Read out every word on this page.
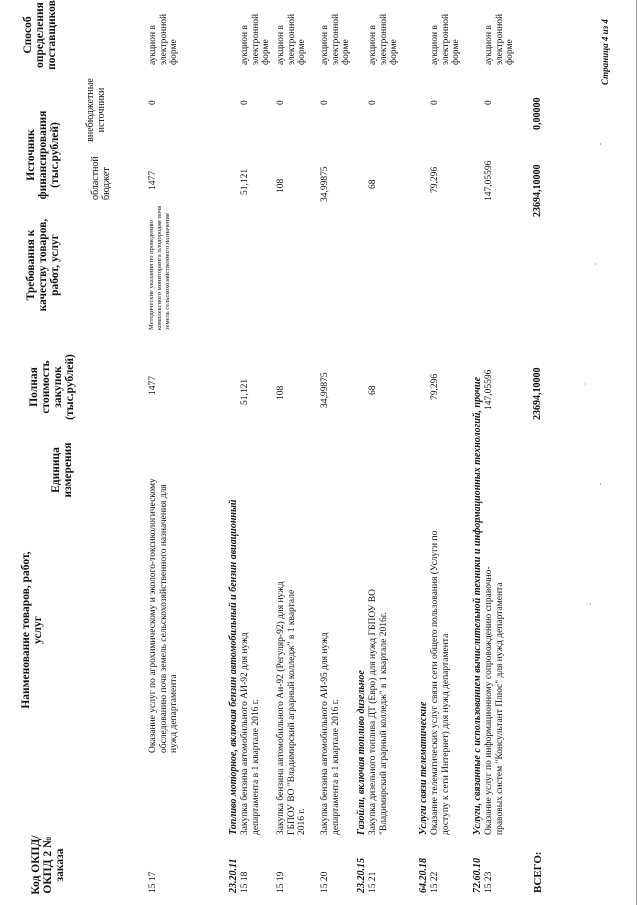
Код ОКПД/ ОКПД 2 № заказа
Наименование товаров, работ, услуг
Единица измерения
Полная стоимость закупок (тыс.рублей)
Требования к качеству товаров, работ, услуг
Источник финансирования (тыс.рублей)	областной бюджет
внебюджетные источники
Способ определения поставщиков
15 17
Оказание услуг по агрохимическому и эколого-токсикологическому обследованию почв земель сельскохозяйственного назначения для нужд департамента
1477
Методические указания по проведению комплексного мониторинга плодородия почв земель сельскохозяйственного назначения
1477
0
аукцион в электронной форме
23.20.11
Топливо моторное, включая бензин автомобильный и бензин авиационный
15 18
Закупка бензина автомобильного АИ-92 для нужд департамента в 1 квартале 2016 г.
51,121
51,121
0
аукцион в электронной форме
15 19
Закупка бензина автомобильного Аи-92 (Регуляр-92) для нужд ГБПОУ ВО "Владимирский аграрный колледж" в 1 квартале 2016 г.
108
108
0
аукцион в электронной форме
15 20
Закупка бензина автомобильного АИ-95 для нужд департамента в 1 квартале 2016 г.
34,99875
34,99875
0
аукцион в электронной форме
23.20.15
Газойли, включая топливо дизельное
15 21
Закупка дизельного топлива ДТ (Евро) для нужд ГБПОУ ВО "Владимирский аграрный колледж" в 1 квартале 2016г.
68
68
0
аукцион в электронной форме
64.20.18
Услуги связи телематические
15 22
Оказание телематических услуг связи сети общего пользования (Услуги по доступу к сети Интернет) для нужд департамента
79,296
79,296
0
аукцион в электронной форме
72.60.10
Услуги, связанные с использованием вычислительной техники и информационных технологий, прочие
15 23
Оказание услуг по информационному сопровождению справочно-правовых систем "Консультант Плюс" для нужд департамента
147,05596
147,05596
0
аукцион в электронной форме
ВСЕГО:
23694,10000
23694,10000
0,00000
Страница 4 из 4
